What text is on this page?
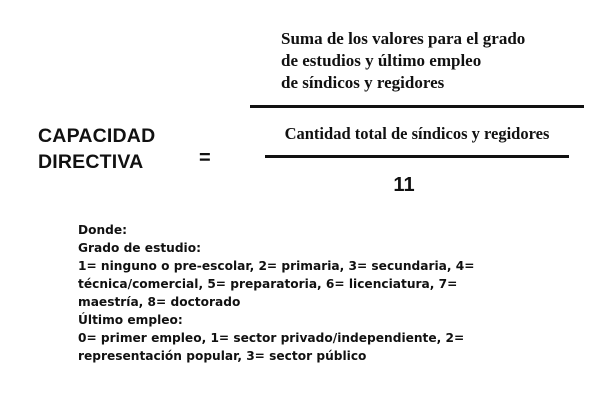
CAPACIDAD
DIRECTIVA	=
Suma de los valores para el grado
de estudios y último empleo
de síndicos y regidores
Cantidad total de síndicos y regidores
11
Donde:
Grado de estudio:
1= ninguno o pre-escolar, 2= primaria, 3= secundaria, 4=
técnica/comercial, 5= preparatoria, 6= licenciatura, 7=
maestría, 8= doctorado
Último empleo:
0= primer empleo, 1= sector privado/independiente, 2=
representación popular, 3= sector público
